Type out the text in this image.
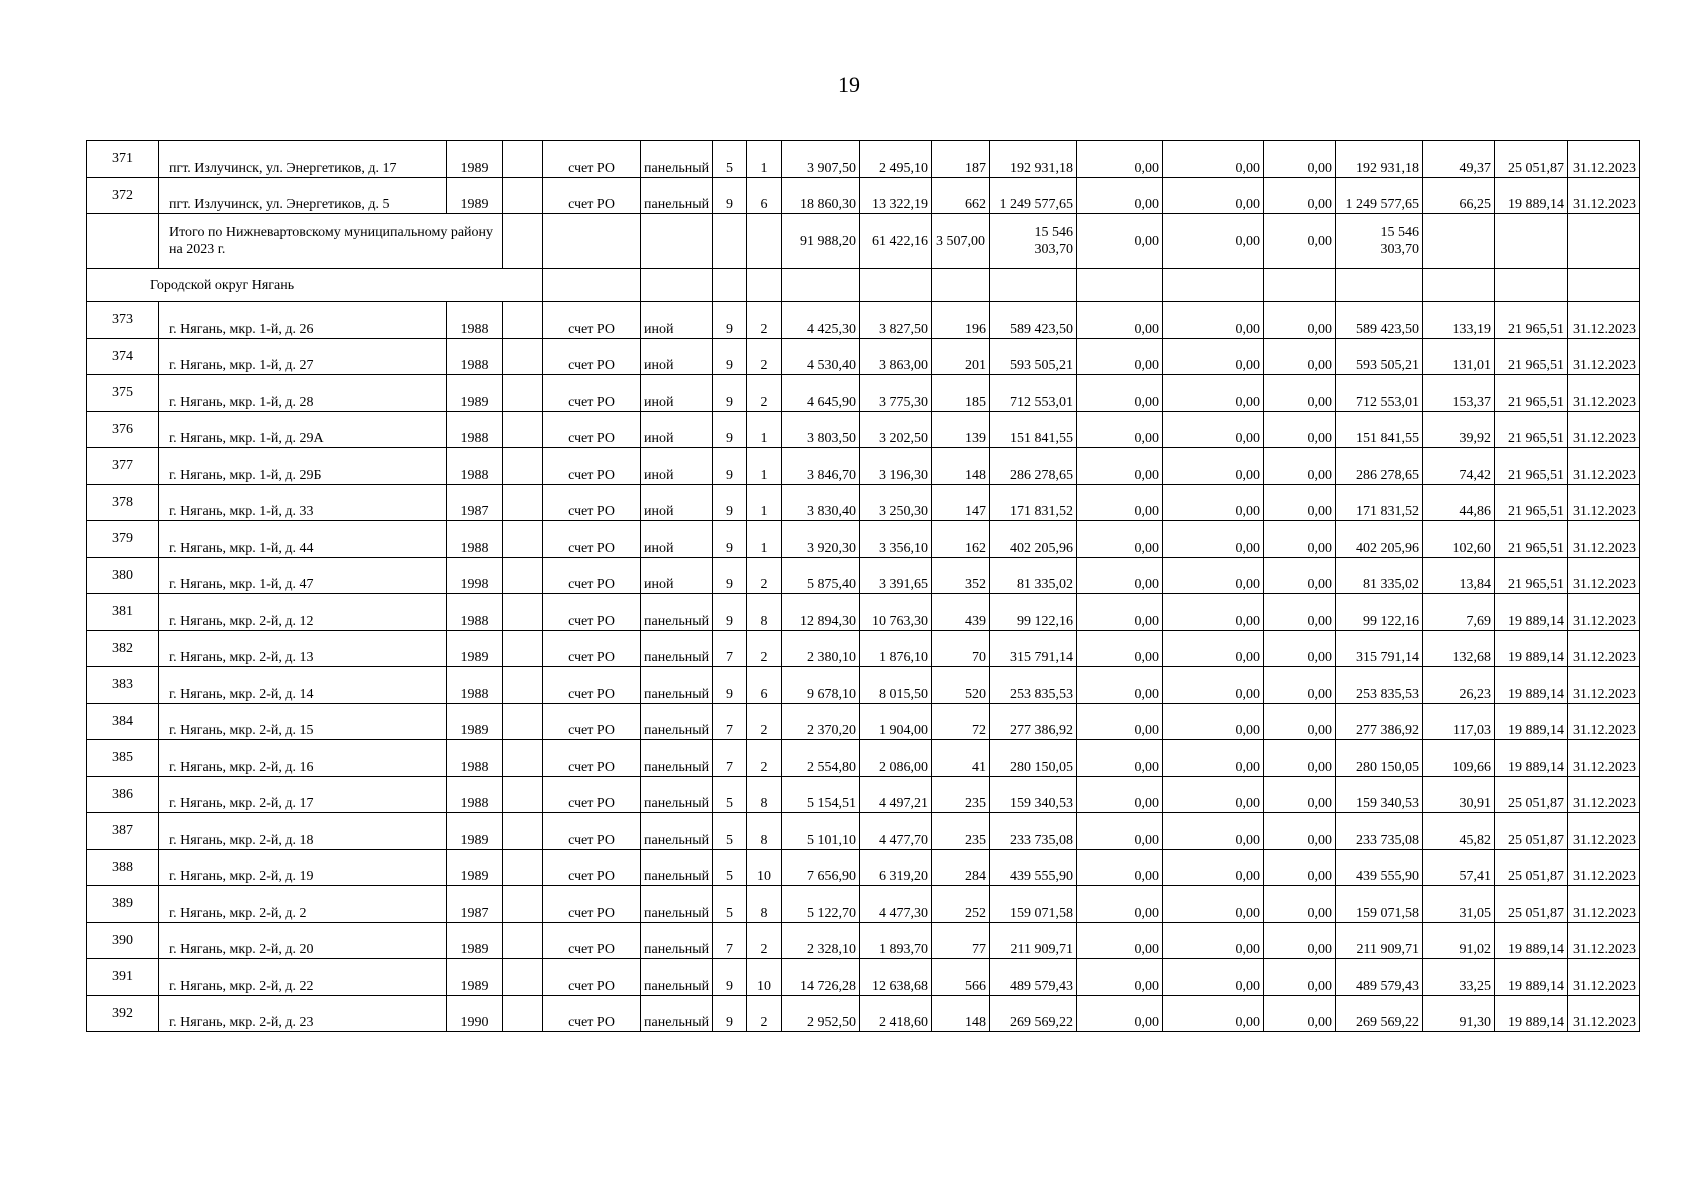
19
371	пгт. Излучинск, ул. Энергетиков, д. 17	1989		счет РО	панельный	5	1	3 907,50	2 495,10	187	192 931,18	0,00	0,00	0,00	192 931,18	49,37	25 051,87	31.12.2023
372	пгт. Излучинск, ул. Энергетиков, д. 5	1989		счет РО	панельный	9	6	18 860,30	13 322,19	662	1 249 577,65	0,00	0,00	0,00	1 249 577,65	66,25	19 889,14	31.12.2023
	Итого по Нижневартовскому муниципальному району на 2023 г.							91 988,20	61 422,16	3 507,00	15 546 303,70	0,00	0,00	0,00	15 546 303,70			

Городской округ Нягань																		

373	г. Нягань, мкр. 1-й, д. 26	1988		счет РО	иной	9	2	4 425,30	3 827,50	196	589 423,50	0,00	0,00	0,00	589 423,50	133,19	21 965,51	31.12.2023
374	г. Нягань, мкр. 1-й, д. 27	1988		счет РО	иной	9	2	4 530,40	3 863,00	201	593 505,21	0,00	0,00	0,00	593 505,21	131,01	21 965,51	31.12.2023
375	г. Нягань, мкр. 1-й, д. 28	1989		счет РО	иной	9	2	4 645,90	3 775,30	185	712 553,01	0,00	0,00	0,00	712 553,01	153,37	21 965,51	31.12.2023
376	г. Нягань, мкр. 1-й, д. 29А	1988		счет РО	иной	9	1	3 803,50	3 202,50	139	151 841,55	0,00	0,00	0,00	151 841,55	39,92	21 965,51	31.12.2023
377	г. Нягань, мкр. 1-й, д. 29Б	1988		счет РО	иной	9	1	3 846,70	3 196,30	148	286 278,65	0,00	0,00	0,00	286 278,65	74,42	21 965,51	31.12.2023
378	г. Нягань, мкр. 1-й, д. 33	1987		счет РО	иной	9	1	3 830,40	3 250,30	147	171 831,52	0,00	0,00	0,00	171 831,52	44,86	21 965,51	31.12.2023
379	г. Нягань, мкр. 1-й, д. 44	1988		счет РО	иной	9	1	3 920,30	3 356,10	162	402 205,96	0,00	0,00	0,00	402 205,96	102,60	21 965,51	31.12.2023
380	г. Нягань, мкр. 1-й, д. 47	1998		счет РО	иной	9	2	5 875,40	3 391,65	352	81 335,02	0,00	0,00	0,00	81 335,02	13,84	21 965,51	31.12.2023
381	г. Нягань, мкр. 2-й, д. 12	1988		счет РО	панельный	9	8	12 894,30	10 763,30	439	99 122,16	0,00	0,00	0,00	99 122,16	7,69	19 889,14	31.12.2023
382	г. Нягань, мкр. 2-й, д. 13	1989		счет РО	панельный	7	2	2 380,10	1 876,10	70	315 791,14	0,00	0,00	0,00	315 791,14	132,68	19 889,14	31.12.2023
383	г. Нягань, мкр. 2-й, д. 14	1988		счет РО	панельный	9	6	9 678,10	8 015,50	520	253 835,53	0,00	0,00	0,00	253 835,53	26,23	19 889,14	31.12.2023
384	г. Нягань, мкр. 2-й, д. 15	1989		счет РО	панельный	7	2	2 370,20	1 904,00	72	277 386,92	0,00	0,00	0,00	277 386,92	117,03	19 889,14	31.12.2023
385	г. Нягань, мкр. 2-й, д. 16	1988		счет РО	панельный	7	2	2 554,80	2 086,00	41	280 150,05	0,00	0,00	0,00	280 150,05	109,66	19 889,14	31.12.2023
386	г. Нягань, мкр. 2-й, д. 17	1988		счет РО	панельный	5	8	5 154,51	4 497,21	235	159 340,53	0,00	0,00	0,00	159 340,53	30,91	25 051,87	31.12.2023
387	г. Нягань, мкр. 2-й, д. 18	1989		счет РО	панельный	5	8	5 101,10	4 477,70	235	233 735,08	0,00	0,00	0,00	233 735,08	45,82	25 051,87	31.12.2023
388	г. Нягань, мкр. 2-й, д. 19	1989		счет РО	панельный	5	10	7 656,90	6 319,20	284	439 555,90	0,00	0,00	0,00	439 555,90	57,41	25 051,87	31.12.2023
389	г. Нягань, мкр. 2-й, д. 2	1987		счет РО	панельный	5	8	5 122,70	4 477,30	252	159 071,58	0,00	0,00	0,00	159 071,58	31,05	25 051,87	31.12.2023
390	г. Нягань, мкр. 2-й, д. 20	1989		счет РО	панельный	7	2	2 328,10	1 893,70	77	211 909,71	0,00	0,00	0,00	211 909,71	91,02	19 889,14	31.12.2023
391	г. Нягань, мкр. 2-й, д. 22	1989		счет РО	панельный	9	10	14 726,28	12 638,68	566	489 579,43	0,00	0,00	0,00	489 579,43	33,25	19 889,14	31.12.2023
392	г. Нягань, мкр. 2-й, д. 23	1990		счет РО	панельный	9	2	2 952,50	2 418,60	148	269 569,22	0,00	0,00	0,00	269 569,22	91,30	19 889,14	31.12.2023
